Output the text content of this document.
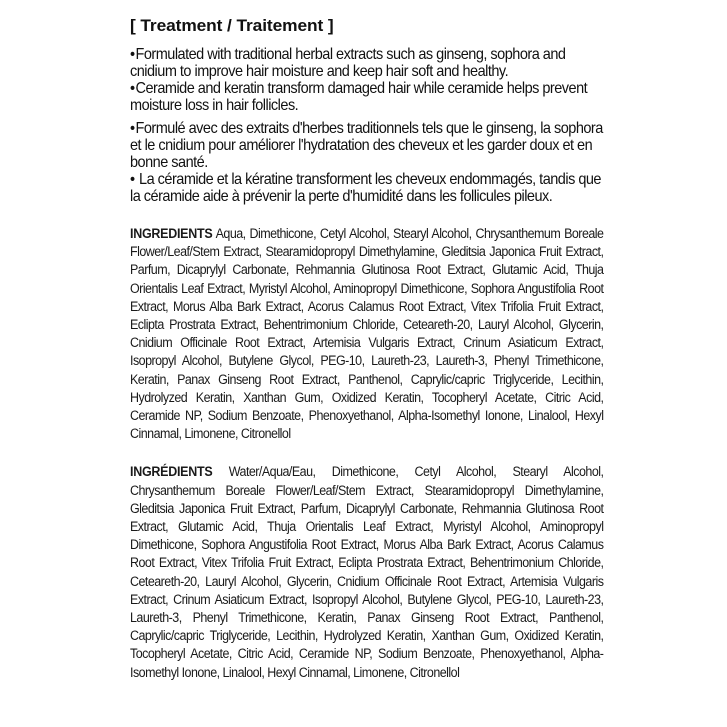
[ Treatment / Traitement ]

•Formulated with traditional herbal extracts such as ginseng, sophora and cnidium to improve hair moisture and keep hair soft and healthy.

•Ceramide and keratin transform damaged hair while ceramide helps prevent moisture loss in hair follicles.

•Formulé avec des extraits d'herbes traditionnels tels que le ginseng, la sophora et le cnidium pour améliorer l'hydratation des cheveux et les garder doux et en bonne santé.

• La céramide et la kératine transforment les cheveux endommagés, tandis que la céramide aide à prévenir la perte d'humidité dans les follicules pileux.

INGREDIENTS Aqua, Dimethicone, Cetyl Alcohol, Stearyl Alcohol, Chrysanthemum Boreale Flower/Leaf/Stem Extract, Stearamidopropyl Dimethylamine, Gleditsia Japonica Fruit Extract, Parfum, Dicaprylyl Carbonate, Rehmannia Glutinosa Root Extract, Glutamic Acid, Thuja Orientalis Leaf Extract, Myristyl Alcohol, Aminopropyl Dimethicone, Sophora Angustifolia Root Extract, Morus Alba Bark Extract, Acorus Calamus Root Extract, Vitex Trifolia Fruit Extract, Eclipta Prostrata Extract, Behentrimonium Chloride, Ceteareth-20, Lauryl Alcohol, Glycerin, Cnidium Officinale Root Extract, Artemisia Vulgaris Extract, Crinum Asiaticum Extract, Isopropyl Alcohol, Butylene Glycol, PEG-10, Laureth-23, Laureth-3, Phenyl Trimethicone, Keratin, Panax Ginseng Root Extract, Panthenol, Caprylic/capric Triglyceride, Lecithin, Hydrolyzed Keratin, Xanthan Gum, Oxidized Keratin, Tocopheryl Acetate, Citric Acid, Ceramide NP, Sodium Benzoate, Phenoxyethanol, Alpha-Isomethyl Ionone, Linalool, Hexyl Cinnamal, Limonene, Citronellol
INGRÉDIENTS Water/Aqua/Eau, Dimethicone, Cetyl Alcohol, Stearyl Alcohol, Chrysanthemum Boreale Flower/Leaf/Stem Extract, Stearamidopropyl Dimethylamine, Gleditsia Japonica Fruit Extract, Parfum, Dicaprylyl Carbonate, Rehmannia Glutinosa Root Extract, Glutamic Acid, Thuja Orientalis Leaf Extract, Myristyl Alcohol, Aminopropyl Dimethicone, Sophora Angustifolia Root Extract, Morus Alba Bark Extract, Acorus Calamus Root Extract, Vitex Trifolia Fruit Extract, Eclipta Prostrata Extract, Behentrimonium Chloride, Ceteareth-20, Lauryl Alcohol, Glycerin, Cnidium Officinale Root Extract, Artemisia Vulgaris Extract, Crinum Asiaticum Extract, Isopropyl Alcohol, Butylene Glycol, PEG-10, Laureth-23, Laureth-3, Phenyl Trimethicone, Keratin, Panax Ginseng Root Extract, Panthenol, Caprylic/capric Triglyceride, Lecithin, Hydrolyzed Keratin, Xanthan Gum, Oxidized Keratin, Tocopheryl Acetate, Citric Acid, Ceramide NP, Sodium Benzoate, Phenoxyethanol, Alpha-Isomethyl Ionone, Linalool, Hexyl Cinnamal, Limonene, Citronellol
